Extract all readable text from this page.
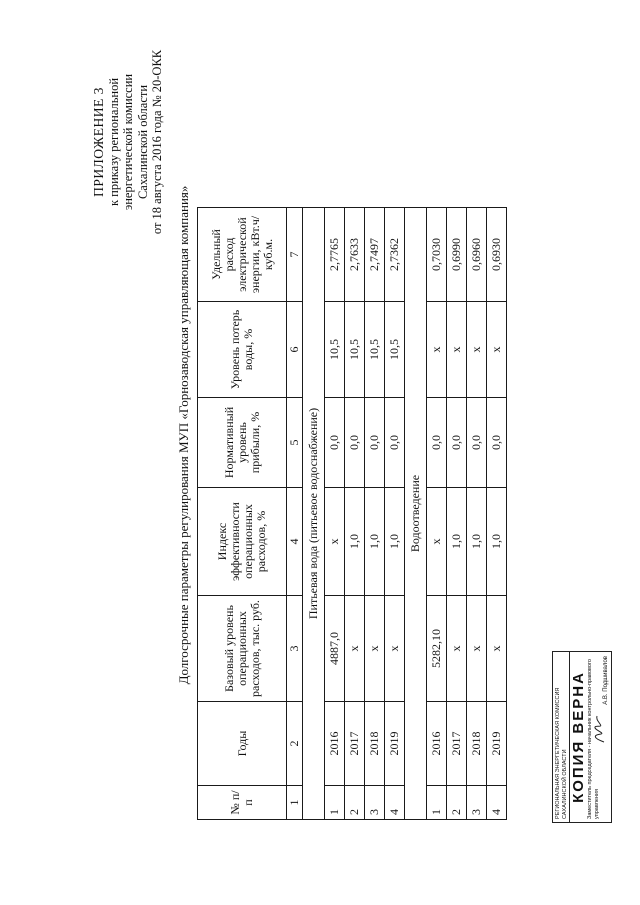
ПРИЛОЖЕНИЕ 3 к приказу региональной энергетической комиссии Сахалинской области от 18 августа 2016 года № 20-ОКК
Долгосрочные параметры регулирования МУП «Горнозаводская управляющая компания»
№ п/п	Годы	Базовый уровень операционных расходов, тыс. руб.	Индекс эффективности операционных расходов, %	Нормативный уровень прибыли, %	Уровень потерь воды, %	Удельный расход электрической энергии, кВт.ч/куб.м.
1	2	3	4	5	6	7
Питьевая вода (питьевое водоснабжение)						
1	2016	4887,0	х	0,0	10,5	2,7765
2	2017	х	1,0	0,0	10,5	2,7633
3	2018	х	1,0	0,0	10,5	2,7497
4	2019	х	1,0	0,0	10,5	2,7362
Водоотведение						
1	2016	5282,10	х	0,0	х	0,7030
2	2017	х	1,0	0,0	х	0,6990
3	2018	х	1,0	0,0	х	0,6960
4	2019	х	1,0	0,0	х	0,6930
РЕГИОНАЛЬНАЯ ЭНЕРГЕТИЧЕСКАЯ КОМИССИЯ САХАЛИНСКОЙ ОБЛАСТИ КОПИЯ ВЕРНА Заместитель председателя - начальник контрольно-правового управления
А.В. Подшивалов
